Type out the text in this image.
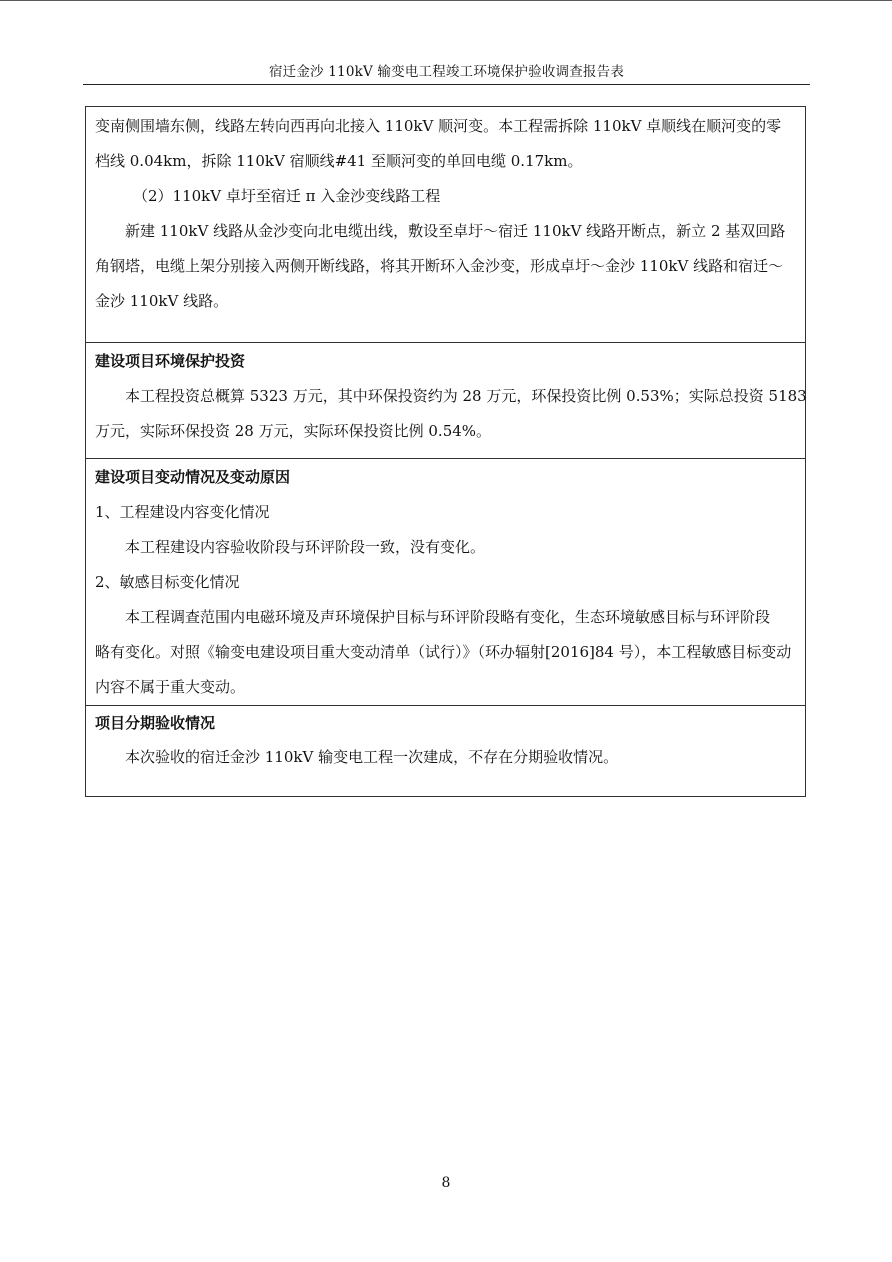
宿迁金沙 110kV 输变电工程竣工环境保护验收调查报告表
变南侧围墙东侧，线路左转向西再向北接入 110kV 顺河变。本工程需拆除 110kV 卓顺线在顺河变的零
档线 0.04km，拆除 110kV 宿顺线#41 至顺河变的单回电缆 0.17km。
（2）110kV 卓圩至宿迁 π 入金沙变线路工程
新建 110kV 线路从金沙变向北电缆出线，敷设至卓圩～宿迁 110kV 线路开断点，新立 2 基双回路
角钢塔，电缆上架分别接入两侧开断线路，将其开断环入金沙变，形成卓圩～金沙 110kV 线路和宿迁～
金沙 110kV 线路。
建设项目环境保护投资
本工程投资总概算 5323 万元，其中环保投资约为 28 万元，环保投资比例 0.53%；实际总投资 5183
万元，实际环保投资 28 万元，实际环保投资比例 0.54%。
建设项目变动情况及变动原因
1、工程建设内容变化情况
本工程建设内容验收阶段与环评阶段一致，没有变化。
2、敏感目标变化情况
本工程调查范围内电磁环境及声环境保护目标与环评阶段略有变化，生态环境敏感目标与环评阶段
略有变化。对照《输变电建设项目重大变动清单（试行）》（环办辐射[2016]84 号），本工程敏感目标变动
内容不属于重大变动。
项目分期验收情况
本次验收的宿迁金沙 110kV 输变电工程一次建成，不存在分期验收情况。
8
